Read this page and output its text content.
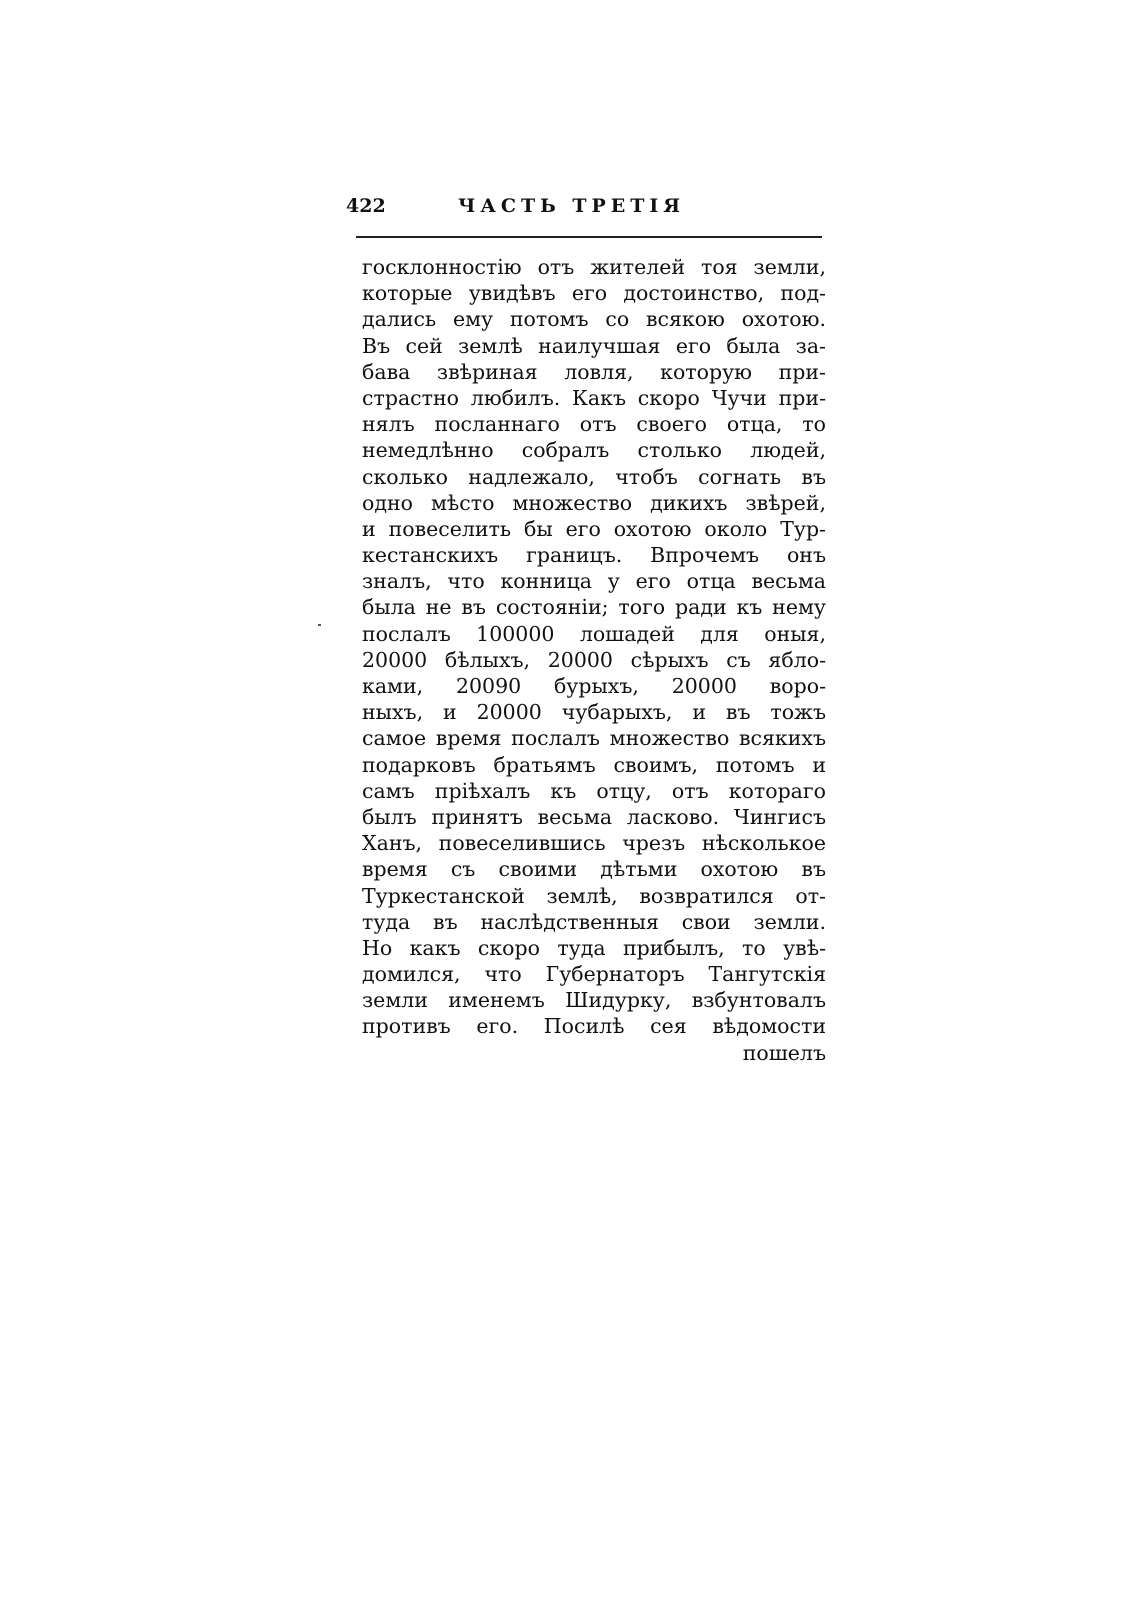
422	ЧАСТЬ ТРЕТІЯ
госклонностію отъ жителей тоя земли,
которые увидѣвъ его достоинство, под-
дались ему потомъ со всякою охотою.
Въ сей землѣ наилучшая его была за-
бава звѣриная ловля, которую при-
страстно любилъ. Какъ скоро Чучи при-
нялъ посланнаго отъ своего отца, то
немедлѣнно собралъ столько людей,
сколько надлежало, чтобъ согнать въ
одно мѣсто множество дикихъ звѣрей,
и повеселить бы его охотою около Тур-
кестанскихъ границъ. Впрочемъ онъ
зналъ, что конница у его отца весьма
была не въ состояніи; того ради къ нему
послалъ 100000 лошадей для оныя,
20000 бѣлыхъ, 20000 сѣрыхъ съ ябло-
ками, 20090 бурыхъ, 20000 воро-
ныхъ, и 20000 чубарыхъ, и въ тожъ
самое время послалъ множество всякихъ
подарковъ братьямъ своимъ, потомъ и
самъ пріѣхалъ къ отцу, отъ котораго
былъ принятъ весьма ласково. Чингисъ
Ханъ, повеселившись чрезъ нѣсколькое
время съ своими дѣтьми охотою въ
Туркестанской землѣ, возвратился от-
туда въ наслѣдственныя свои земли.
Но какъ скоро туда прибылъ, то увѣ-
домился, что Губернаторъ Тангутскія
земли именемъ Шидурку, взбунтовалъ
противъ его. Посилѣ сея вѣдомости
пошелъ
